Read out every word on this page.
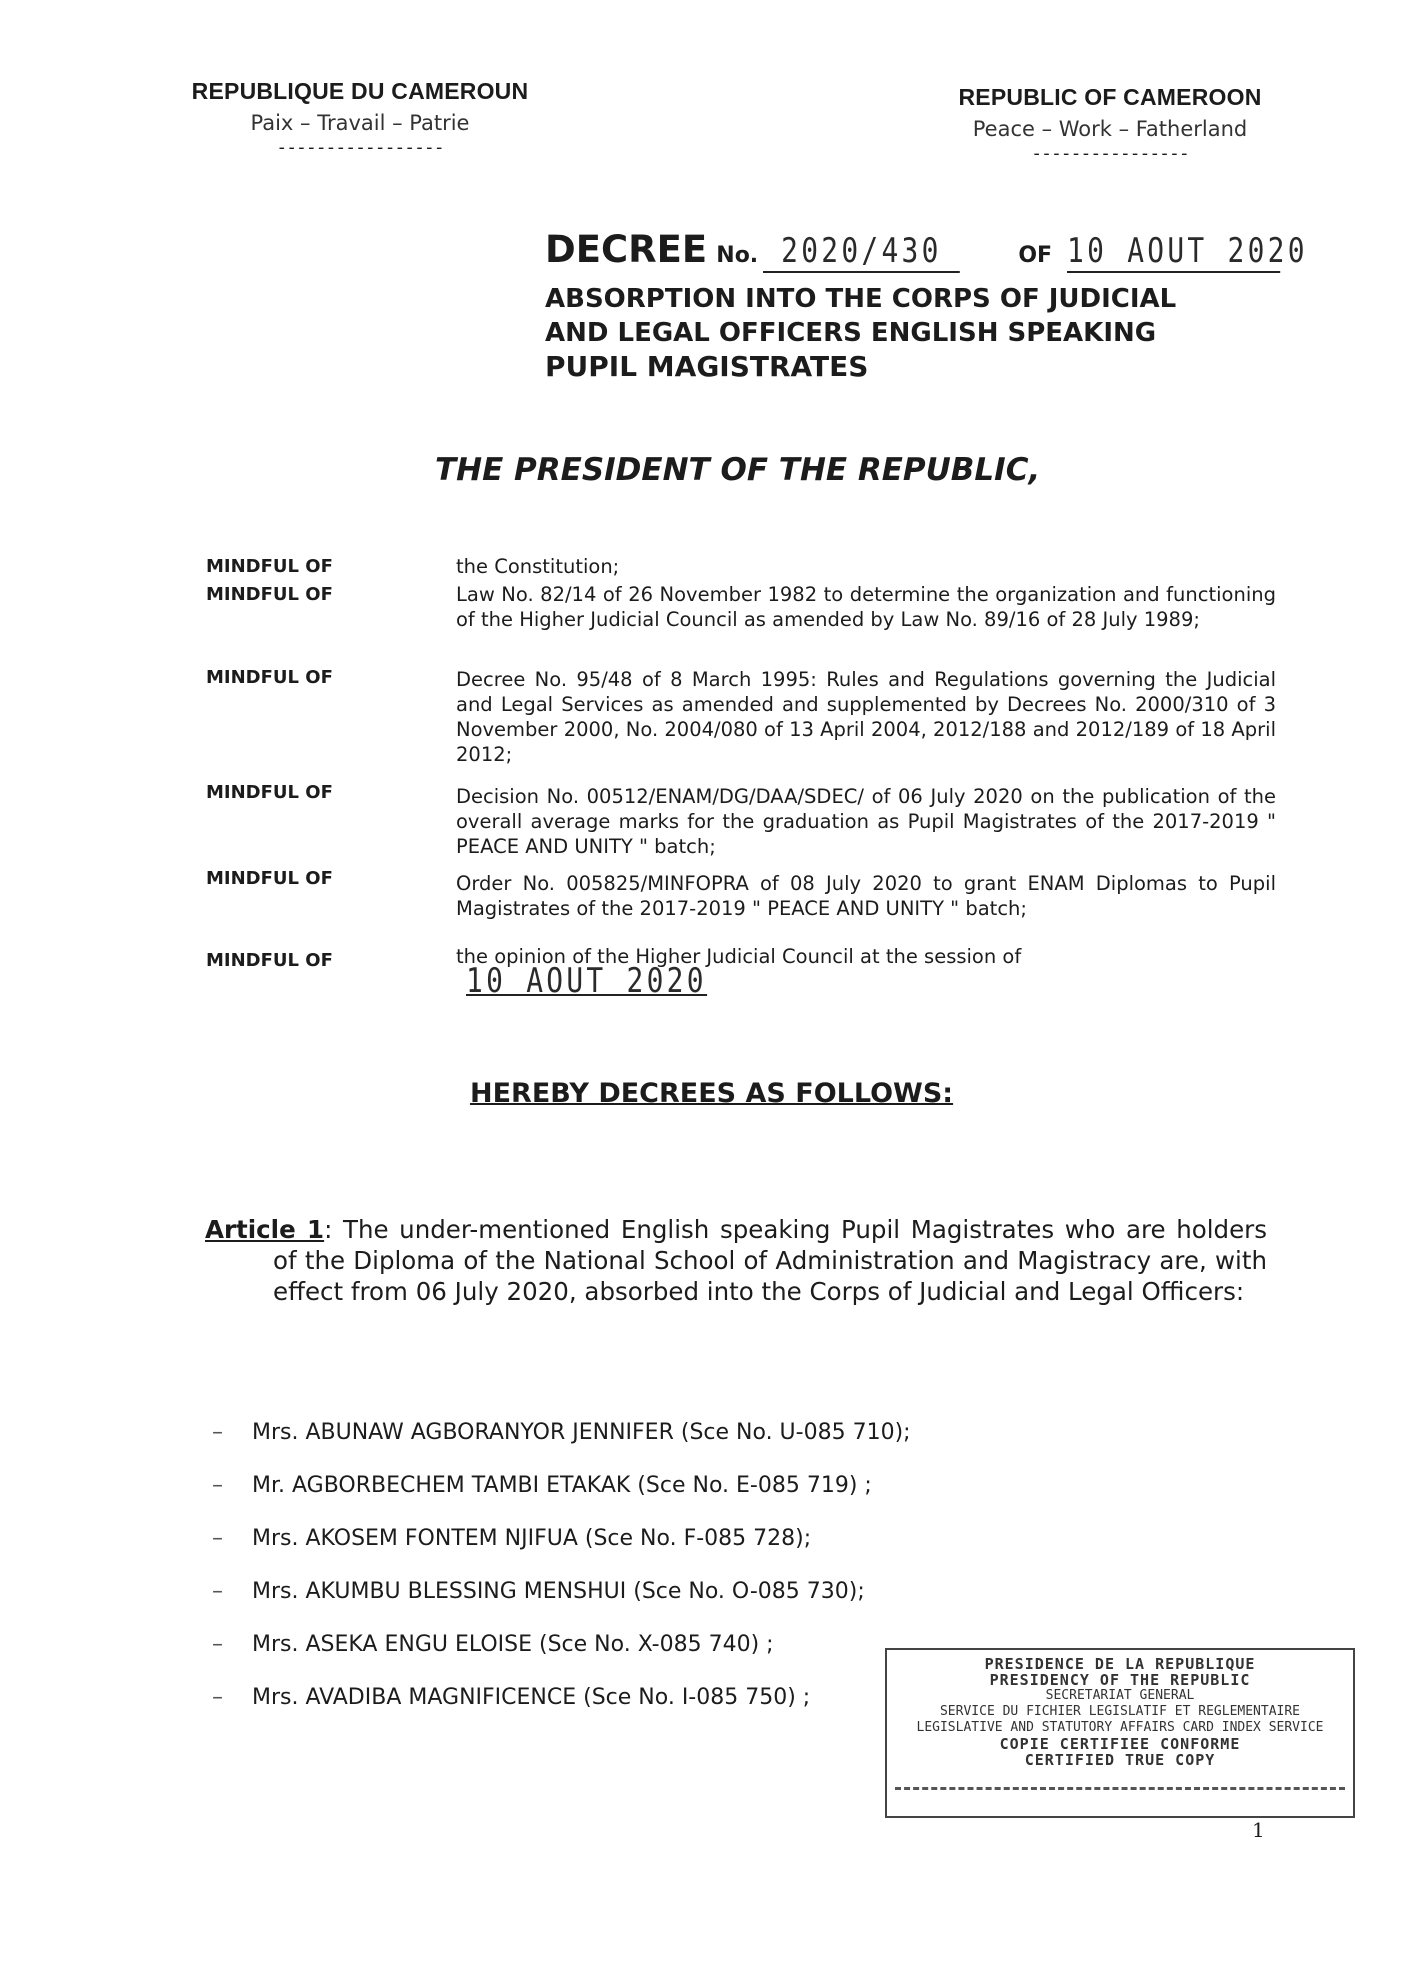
REPUBLIQUE DU CAMEROUN
Paix – Travail – Patrie
-----------------
REPUBLIC OF CAMEROON
Peace – Work – Fatherland
----------------
DECREE No. 2020/430	OF 10 AOUT 2020
ABSORPTION INTO THE CORPS OF JUDICIAL
AND LEGAL OFFICERS ENGLISH SPEAKING
PUPIL MAGISTRATES
THE PRESIDENT OF THE REPUBLIC,
MINDFUL OF	the Constitution;
MINDFUL OF	Law No. 82/14 of 26 November 1982 to determine the organization and functioning of the Higher Judicial Council as amended by Law No. 89/16 of 28 July 1989;
MINDFUL OF	Decree No. 95/48 of 8 March 1995: Rules and Regulations governing the Judicial and Legal Services as amended and supplemented by Decrees No. 2000/310 of 3 November 2000, No. 2004/080 of 13 April 2004, 2012/188 and 2012/189 of 18 April 2012;
MINDFUL OF	Decision No. 00512/ENAM/DG/DAA/SDEC/ of 06 July 2020 on the publication of the overall average marks for the graduation as Pupil Magistrates of the 2017-2019 " PEACE AND UNITY " batch;
MINDFUL OF	Order No. 005825/MINFOPRA of 08 July 2020 to grant ENAM Diplomas to Pupil Magistrates of the 2017-2019 " PEACE AND UNITY " batch;
MINDFUL OF	the opinion of the Higher Judicial Council at the session of 10 AOUT 2020
HEREBY DECREES AS FOLLOWS:
Article 1: The under-mentioned English speaking Pupil Magistrates who are holders of the Diploma of the National School of Administration and Magistracy are, with effect from 06 July 2020, absorbed into the Corps of Judicial and Legal Officers:
– Mrs. ABUNAW AGBORANYOR JENNIFER (Sce No. U-085 710);
– Mr. AGBORBECHEM TAMBI ETAKAK (Sce No. E-085 719) ;
– Mrs. AKOSEM FONTEM NJIFUA (Sce No. F-085 728);
– Mrs. AKUMBU BLESSING MENSHUI (Sce No. O-085 730);
– Mrs. ASEKA ENGU ELOISE (Sce No. X-085 740) ;
– Mrs. AVADIBA MAGNIFICENCE (Sce No. I-085 750) ;
PRESIDENCE DE LA REPUBLIQUE
PRESIDENCY OF THE REPUBLIC
SECRETARIAT GENERAL
SERVICE DU FICHIER LEGISLATIF ET REGLEMENTAIRE
LEGISLATIVE AND STATUTORY AFFAIRS CARD INDEX SERVICE
COPIE CERTIFIEE CONFORME
CERTIFIED TRUE COPY
1
